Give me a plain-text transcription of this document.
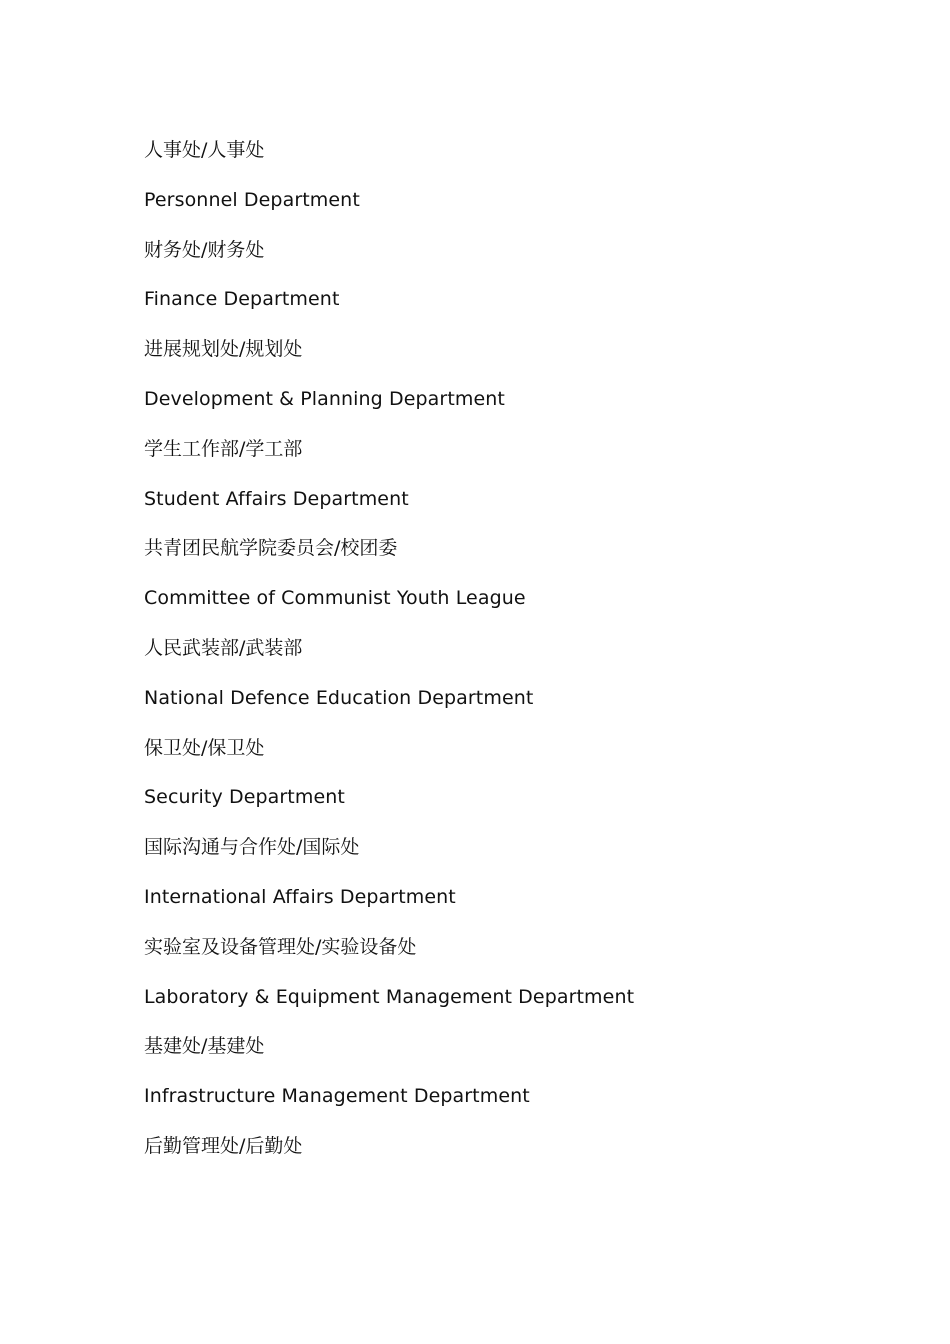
人事处/人事处
Personnel Department
财务处/财务处
Finance Department
进展规划处/规划处
Development & Planning Department
学生工作部/学工部
Student Affairs Department
共青团民航学院委员会/校团委
Committee of Communist Youth League
人民武装部/武装部
National Defence Education Department
保卫处/保卫处
Security Department
国际沟通与合作处/国际处
International Affairs Department
实验室及设备管理处/实验设备处
Laboratory & Equipment Management Department
基建处/基建处
Infrastructure Management Department
后勤管理处/后勤处
